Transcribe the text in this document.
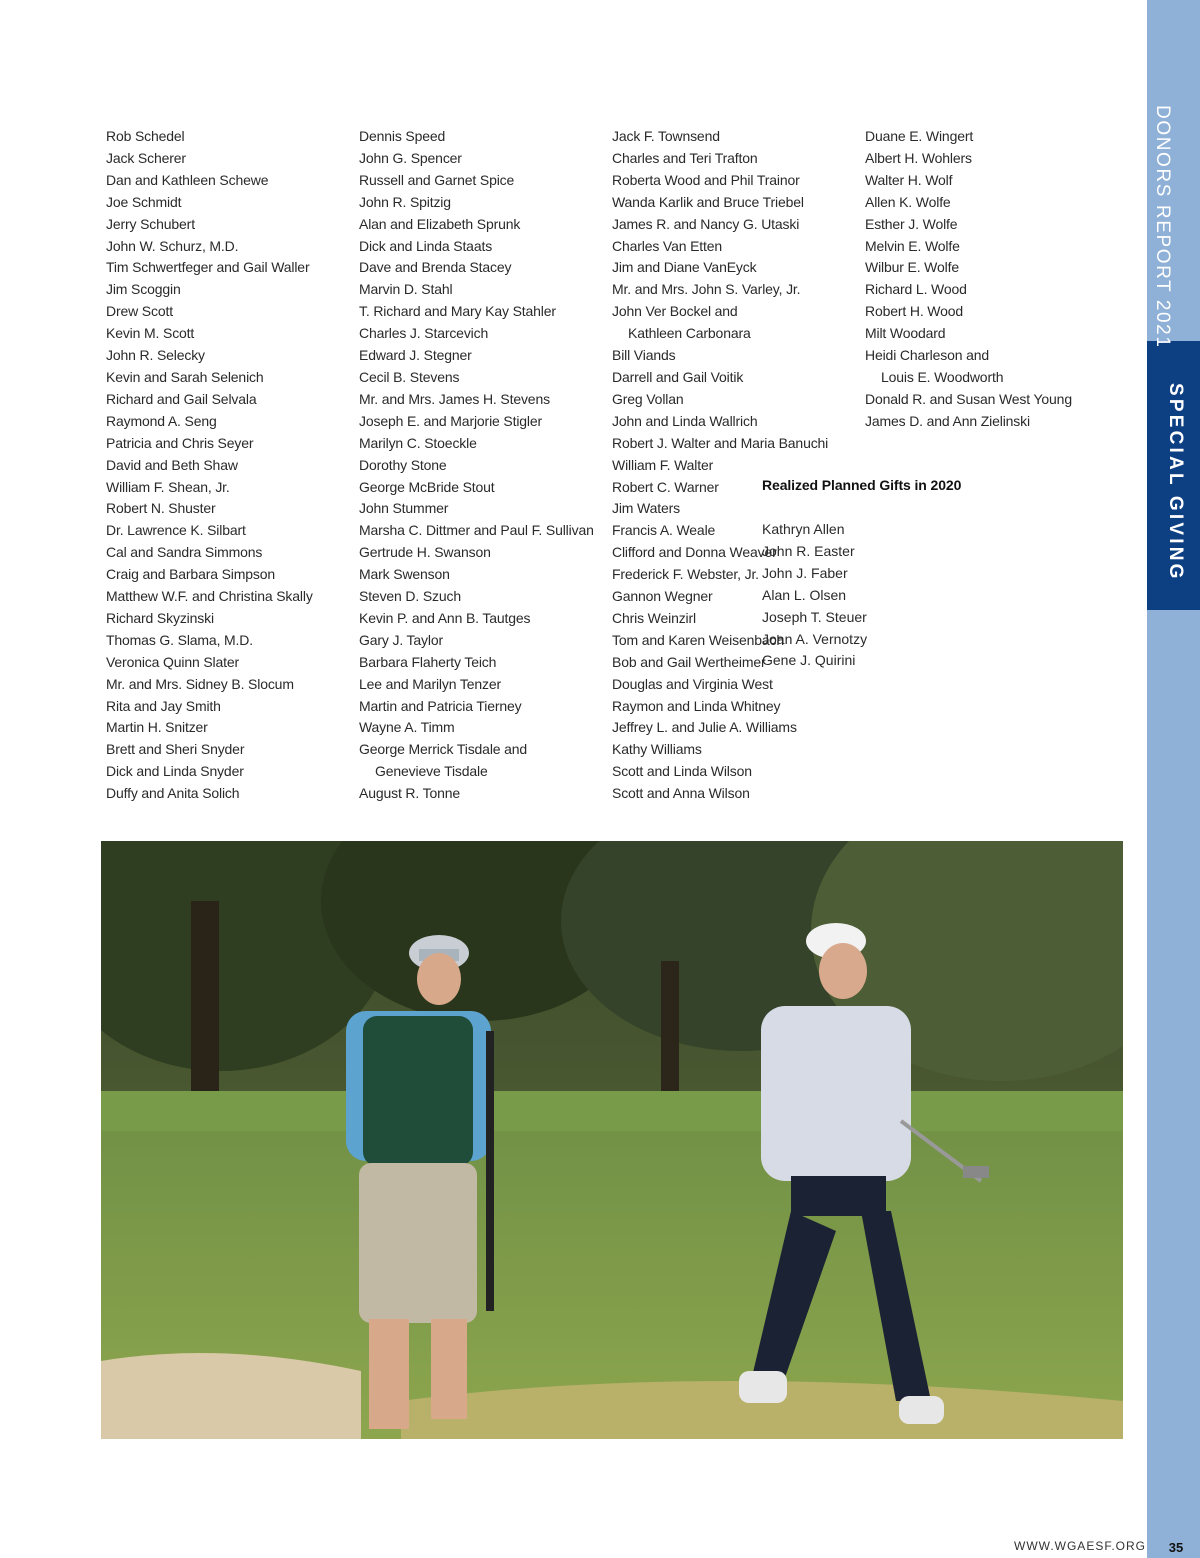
Rob Schedel
Jack Scherer
Dan and Kathleen Schewe
Joe Schmidt
Jerry Schubert
John W. Schurz, M.D.
Tim Schwertfeger and Gail Waller
Jim Scoggin
Drew Scott
Kevin M. Scott
John R. Selecky
Kevin and Sarah Selenich
Richard and Gail Selvala
Raymond A. Seng
Patricia and Chris Seyer
David and Beth Shaw
William F. Shean, Jr.
Robert N. Shuster
Dr. Lawrence K. Silbart
Cal and Sandra Simmons
Craig and Barbara Simpson
Matthew W.F. and Christina Skally
Richard Skyzinski
Thomas G. Slama, M.D.
Veronica Quinn Slater
Mr. and Mrs. Sidney B. Slocum
Rita and Jay Smith
Martin H. Snitzer
Brett and Sheri Snyder
Dick and Linda Snyder
Duffy and Anita Solich
Dennis Speed
John G. Spencer
Russell and Garnet Spice
John R. Spitzig
Alan and Elizabeth Sprunk
Dick and Linda Staats
Dave and Brenda Stacey
Marvin D. Stahl
T. Richard and Mary Kay Stahler
Charles J. Starcevich
Edward J. Stegner
Cecil B. Stevens
Mr. and Mrs. James H. Stevens
Joseph E. and Marjorie Stigler
Marilyn C. Stoeckle
Dorothy Stone
George McBride Stout
John Stummer
Marsha C. Dittmer and Paul F. Sullivan
Gertrude H. Swanson
Mark Swenson
Steven D. Szuch
Kevin P. and Ann B. Tautges
Gary J. Taylor
Barbara Flaherty Teich
Lee and Marilyn Tenzer
Martin and Patricia Tierney
Wayne A. Timm
George Merrick Tisdale and
Genevieve Tisdale
August R. Tonne
Jack F. Townsend
Charles and Teri Trafton
Roberta Wood and Phil Trainor
Wanda Karlik and Bruce Triebel
James R. and Nancy G. Utaski
Charles Van Etten
Jim and Diane VanEyck
Mr. and Mrs. John S. Varley, Jr.
John Ver Bockel and
Kathleen Carbonara
Bill Viands
Darrell and Gail Voitik
Greg Vollan
John and Linda Wallrich
Robert J. Walter and Maria Banuchi
William F. Walter
Robert C. Warner
Jim Waters
Francis A. Weale
Clifford and Donna Weaver
Frederick F. Webster, Jr.
Gannon Wegner
Chris Weinzirl
Tom and Karen Weisenbach
Bob and Gail Wertheimer
Douglas and Virginia West
Raymon and Linda Whitney
Jeffrey L. and Julie A. Williams
Kathy Williams
Scott and Linda Wilson
Scott and Anna Wilson
Duane E. Wingert
Albert H. Wohlers
Walter H. Wolf
Allen K. Wolfe
Esther J. Wolfe
Melvin E. Wolfe
Wilbur E. Wolfe
Richard L. Wood
Robert H. Wood
Milt Woodard
Heidi Charleson and
Louis E. Woodworth
Donald R. and Susan West Young
James D. and Ann Zielinski
Realized Planned Gifts in 2020
Kathryn Allen
John R. Easter
John J. Faber
Alan L. Olsen
Joseph T. Steuer
Joan A. Vernotzy
Gene J. Quirini
DONORS REPORT 2021
SPECIAL GIVING
WWW.WGAESF.ORG	35
